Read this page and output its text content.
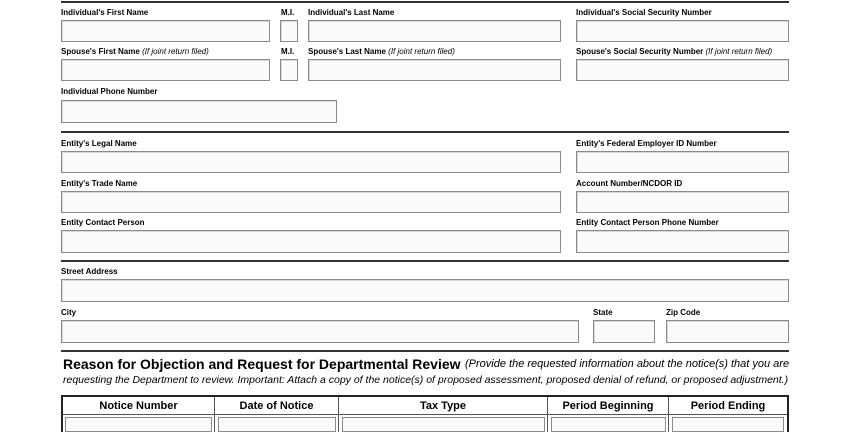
Individual's First Name	M.I. Individual's Last Name	Individual's Social Security Number
Spouse's First Name (If joint return filed)	M.I. Spouse's Last Name (If joint return filed)	Spouse's Social Security Number (If joint return filed)
Individual Phone Number
Entity's Legal Name	Entity's Federal Employer ID Number
Entity's Trade Name	Account Number/NCDOR ID
Entity Contact Person	Entity Contact Person Phone Number
Street Address
City	State	Zip Code
Reason for Objection and Request for Departmental Review (Provide the requested information about the notice(s) that you are
requesting the Department to review. Important: Attach a copy of the notice(s) of proposed assessment, proposed denial of refund, or proposed adjustment.)
Notice Number	Date of Notice	Tax Type	Period Beginning	Period Ending
